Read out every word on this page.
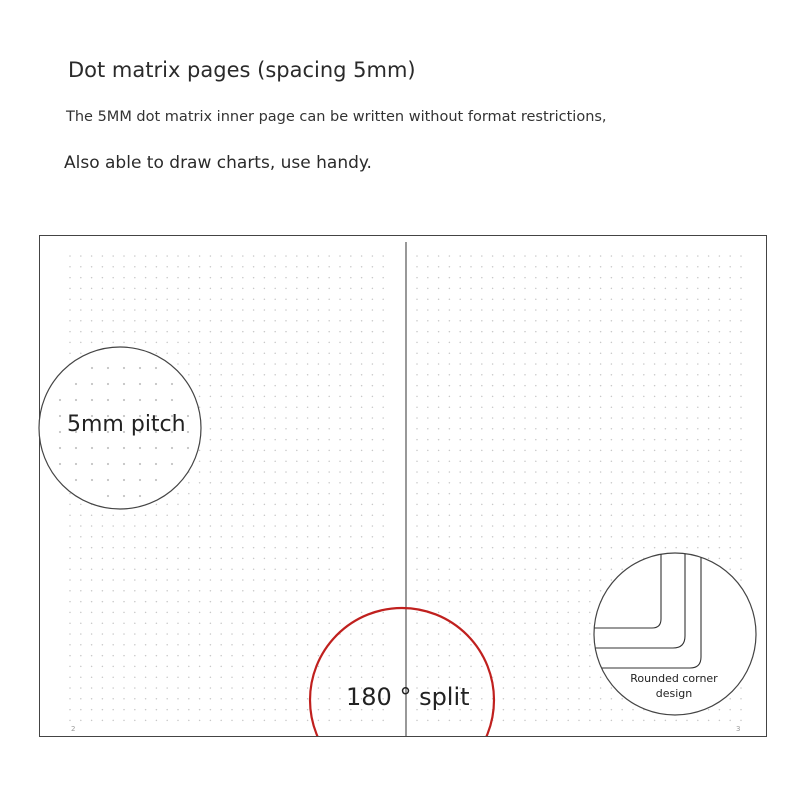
Dot matrix pages (spacing 5mm)
The 5MM dot matrix inner page can be written without format restrictions,
Also able to draw charts, use handy.
2	3
5mm pitch
180 ° split
Rounded corner design
